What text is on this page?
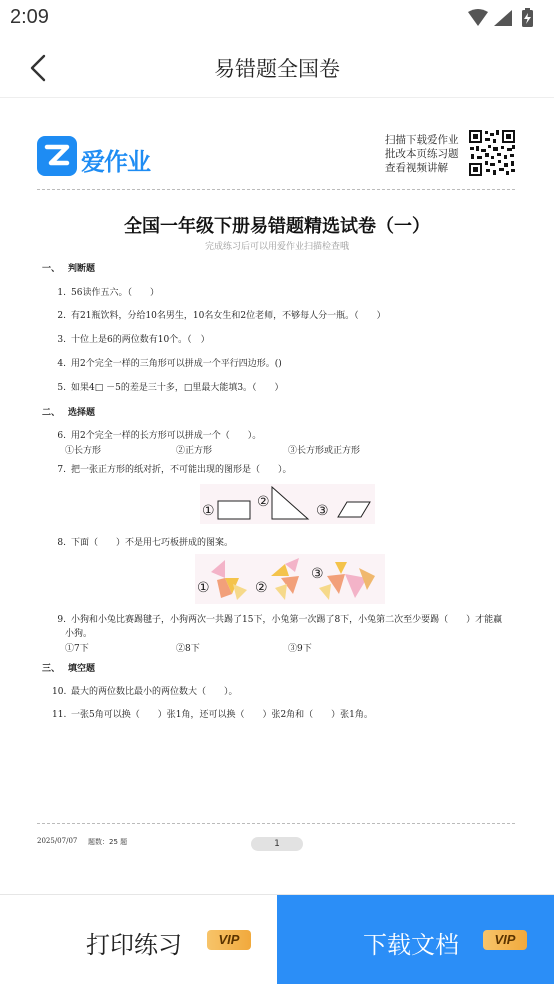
2:09
易错题全国卷
爱作业
扫描下载爱作业
批改本页练习题
查看视频讲解
全国一年级下册易错题精选试卷（一）
完成练习后可以用爱作业扫描检查哦
一、 判断题
1. 56读作五六。（　　）
2. 有21瓶饮料，分给10名男生，10名女生和2位老师，不够每人分一瓶。（　　）
3. 十位上是6的两位数有10个。（　）
4. 用2个完全一样的三角形可以拼成一个平行四边形。()
5. 如果4□ －5的差是三十多，□里最大能填3。（　　）
二、 选择题
6. 用2个完全一样的长方形可以拼成一个（　　）。
①长方形	②正方形	③长方形或正方形
7. 把一张正方形的纸对折，不可能出现的图形是（　　）。
①
②
③
8. 下面（　　）不是用七巧板拼成的图案。
①	②
③
9. 小狗和小兔比赛踢毽子，小狗两次一共踢了15下，小兔第一次踢了8下，小兔第二次至少要踢（　　）才能赢
小狗。
①7下	②8下	③9下
三、 填空题
10. 最大的两位数比最小的两位数大（　　）。
11. 一张5角可以换（　　）张1角，还可以换（　　）张2角和（　　）张1角。
2025/07/07 题数：25 题	1
打印练习	VIP	下载文档	VIP
